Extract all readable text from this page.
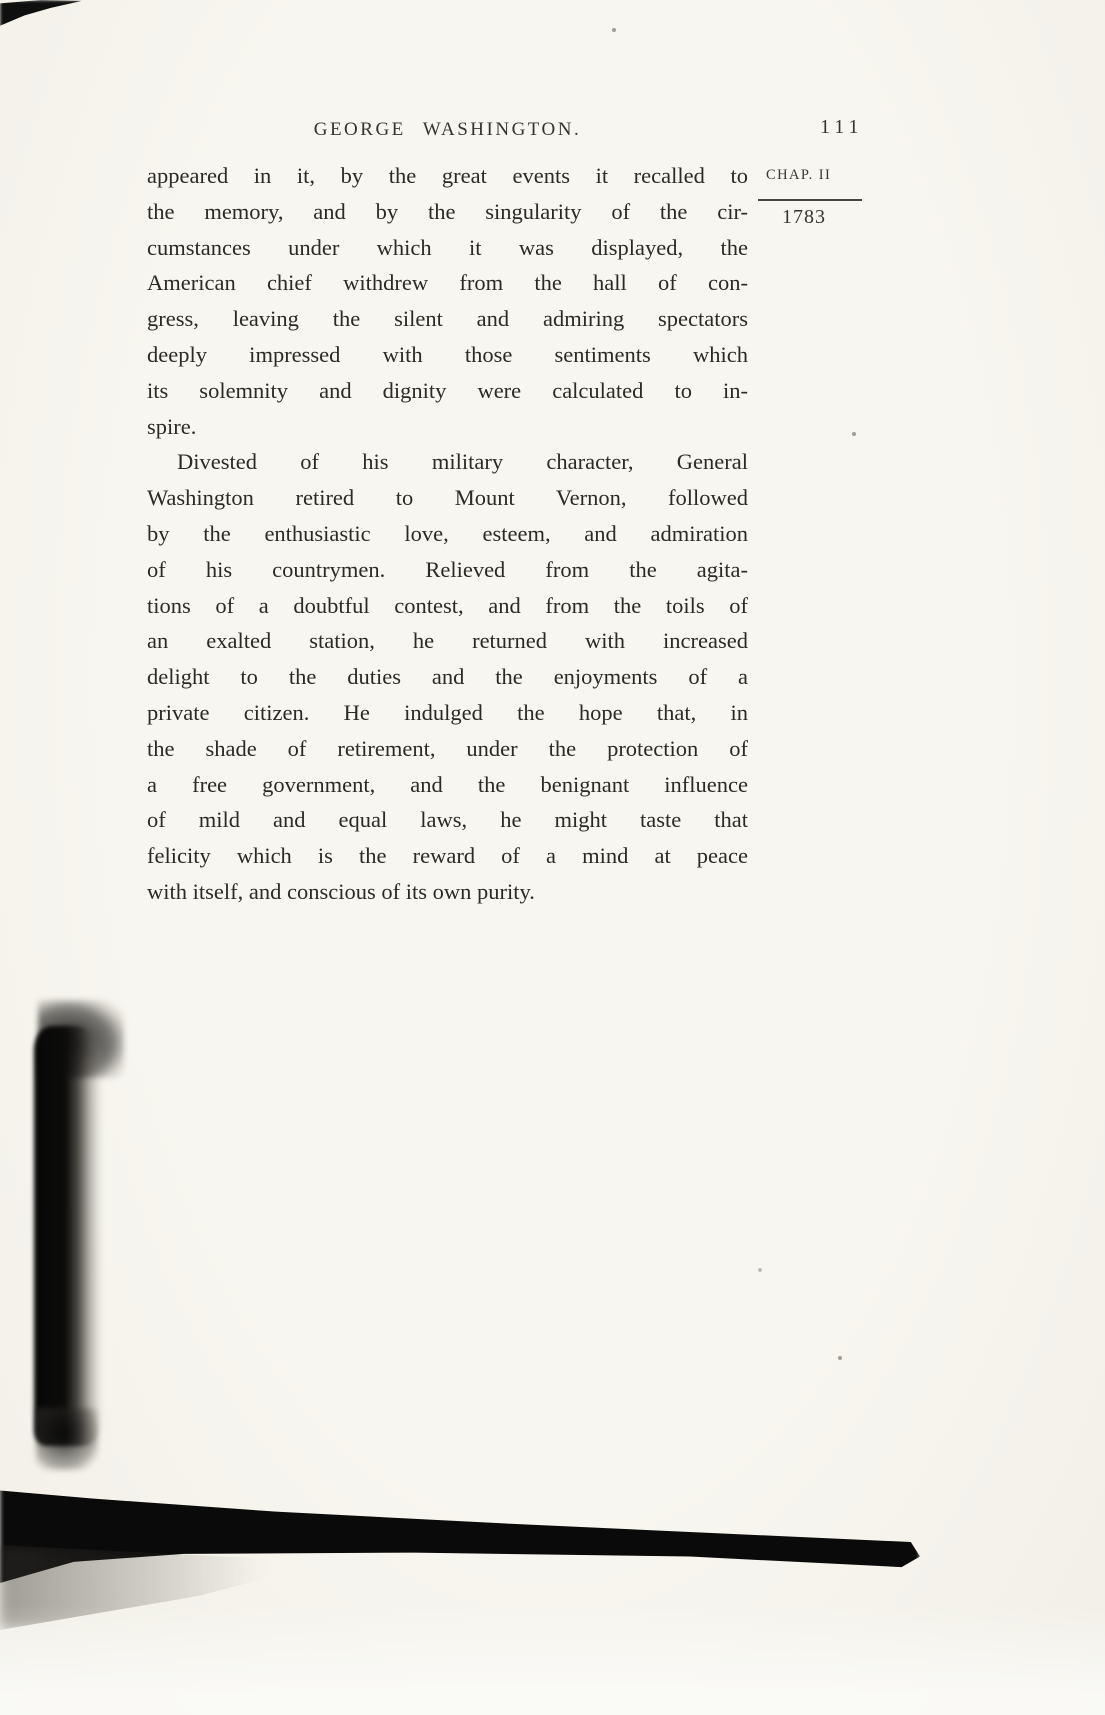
GEORGE WASHINGTON.	111
CHAP. II
1783
appeared in it, by the great events it recalled to
the memory, and by the singularity of the cir-
cumstances under which it was displayed, the
American chief withdrew from the hall of con-
gress, leaving the silent and admiring spectators
deeply impressed with those sentiments which
its solemnity and dignity were calculated to in-
spire.
Divested of his military character, General
Washington retired to Mount Vernon, followed
by the enthusiastic love, esteem, and admiration
of his countrymen. Relieved from the agita-
tions of a doubtful contest, and from the toils of
an exalted station, he returned with increased
delight to the duties and the enjoyments of a
private citizen. He indulged the hope that, in
the shade of retirement, under the protection of
a free government, and the benignant influence
of mild and equal laws, he might taste that
felicity which is the reward of a mind at peace
with itself, and conscious of its own purity.
